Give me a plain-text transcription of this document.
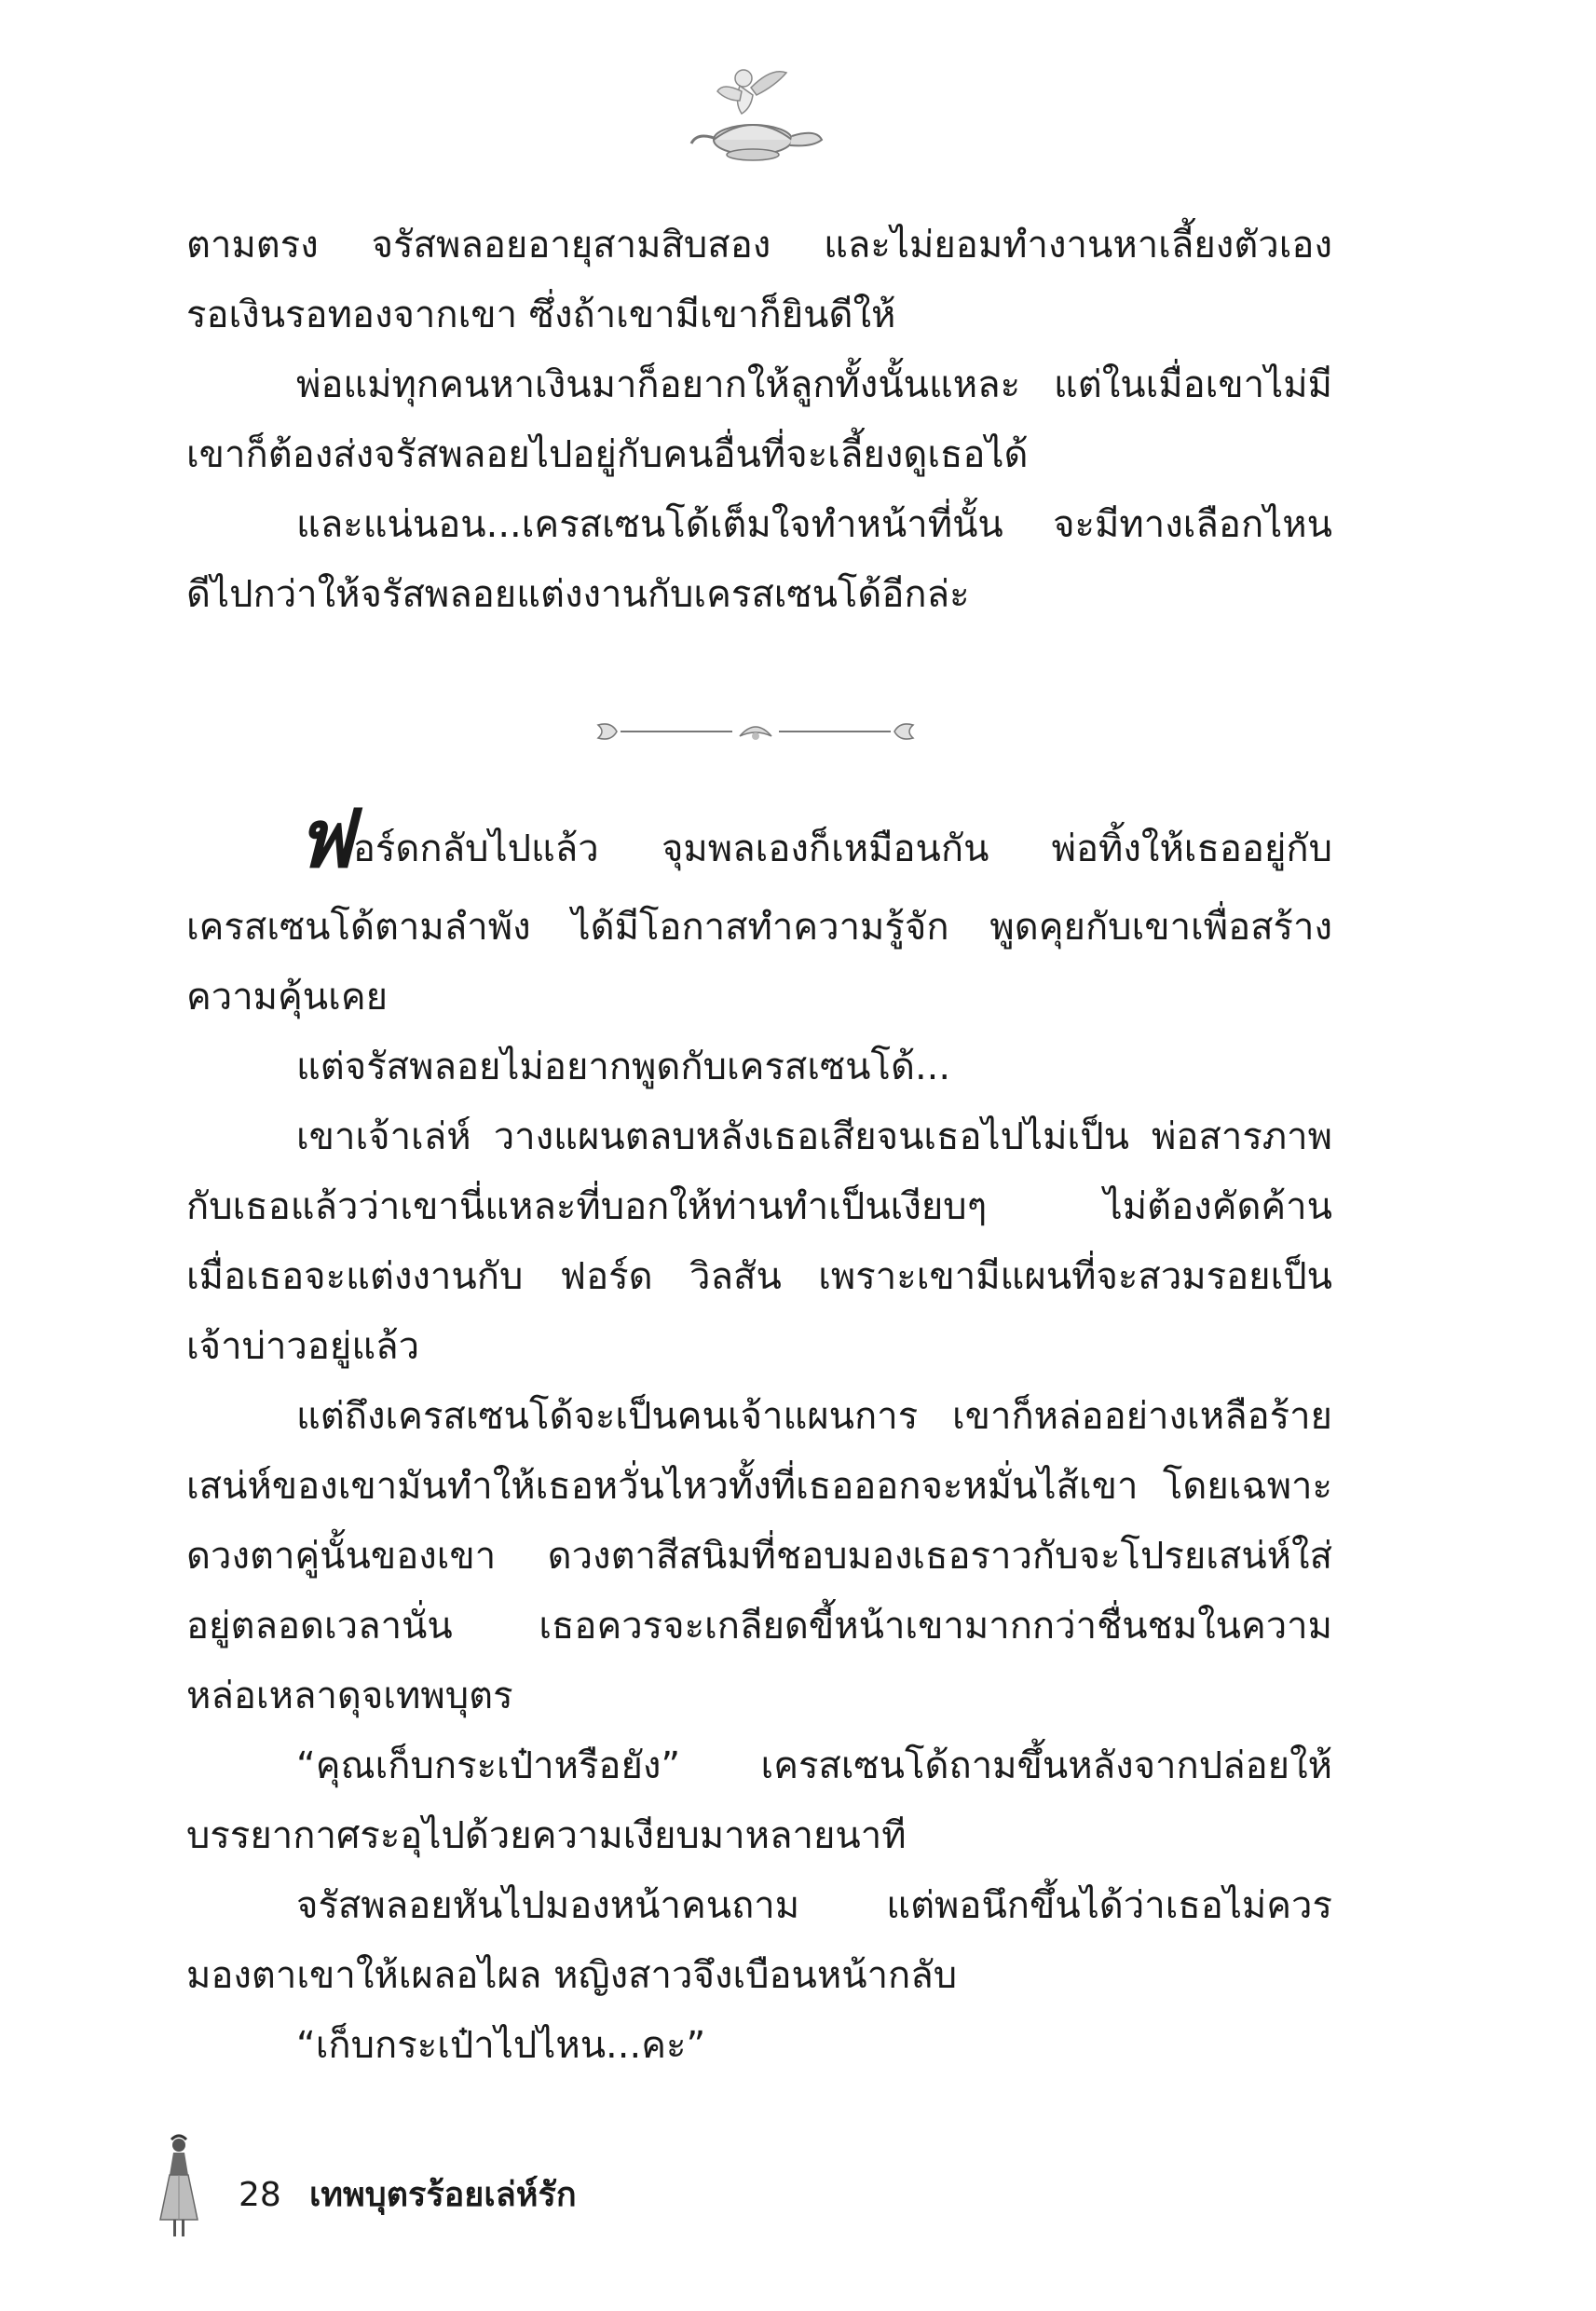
ตามตรง จรัสพลอยอายุสามสิบสอง และไม่ยอมทำงานหาเลี้ยงตัวเอง
รอเงินรอทองจากเขา ซึ่งถ้าเขามีเขาก็ยินดีให้
พ่อแม่ทุกคนหาเงินมาก็อยากให้ลูกทั้งนั้นแหละ แต่ในเมื่อเขาไม่มี
เขาก็ต้องส่งจรัสพลอยไปอยู่กับคนอื่นที่จะเลี้ยงดูเธอได้
และแน่นอน...เครสเซนโด้เต็มใจทำหน้าที่นั้น จะมีทางเลือกไหน
ดีไปกว่าให้จรัสพลอยแต่งงานกับเครสเซนโด้อีกล่ะ
ฟอร์ดกลับไปแล้ว จุมพลเองก็เหมือนกัน พ่อทิ้งให้เธออยู่กับ
เครสเซนโด้ตามลำพัง ได้มีโอกาสทำความรู้จัก พูดคุยกับเขาเพื่อสร้าง
ความคุ้นเคย
แต่จรัสพลอยไม่อยากพูดกับเครสเซนโด้...
เขาเจ้าเล่ห์ วางแผนตลบหลังเธอเสียจนเธอไปไม่เป็น พ่อสารภาพ
กับเธอแล้วว่าเขานี่แหละที่บอกให้ท่านทำเป็นเงียบๆ ไม่ต้องคัดค้าน
เมื่อเธอจะแต่งงานกับ ฟอร์ด วิลสัน เพราะเขามีแผนที่จะสวมรอยเป็น
เจ้าบ่าวอยู่แล้ว
แต่ถึงเครสเซนโด้จะเป็นคนเจ้าแผนการ เขาก็หล่ออย่างเหลือร้าย
เสน่ห์ของเขามันทำให้เธอหวั่นไหวทั้งที่เธอออกจะหมั่นไส้เขา โดยเฉพาะ
ดวงตาคู่นั้นของเขา ดวงตาสีสนิมที่ชอบมองเธอราวกับจะโปรยเสน่ห์ใส่
อยู่ตลอดเวลานั่น เธอควรจะเกลียดขี้หน้าเขามากกว่าชื่นชมในความ
หล่อเหลาดุจเทพบุตร
“คุณเก็บกระเป๋าหรือยัง” เครสเซนโด้ถามขึ้นหลังจากปล่อยให้
บรรยากาศระอุไปด้วยความเงียบมาหลายนาที
จรัสพลอยหันไปมองหน้าคนถาม แต่พอนึกขึ้นได้ว่าเธอไม่ควร
มองตาเขาให้เผลอไผล หญิงสาวจึงเบือนหน้ากลับ
“เก็บกระเป๋าไปไหน...คะ”
28 เทพบุตรร้อยเล่ห์รัก
